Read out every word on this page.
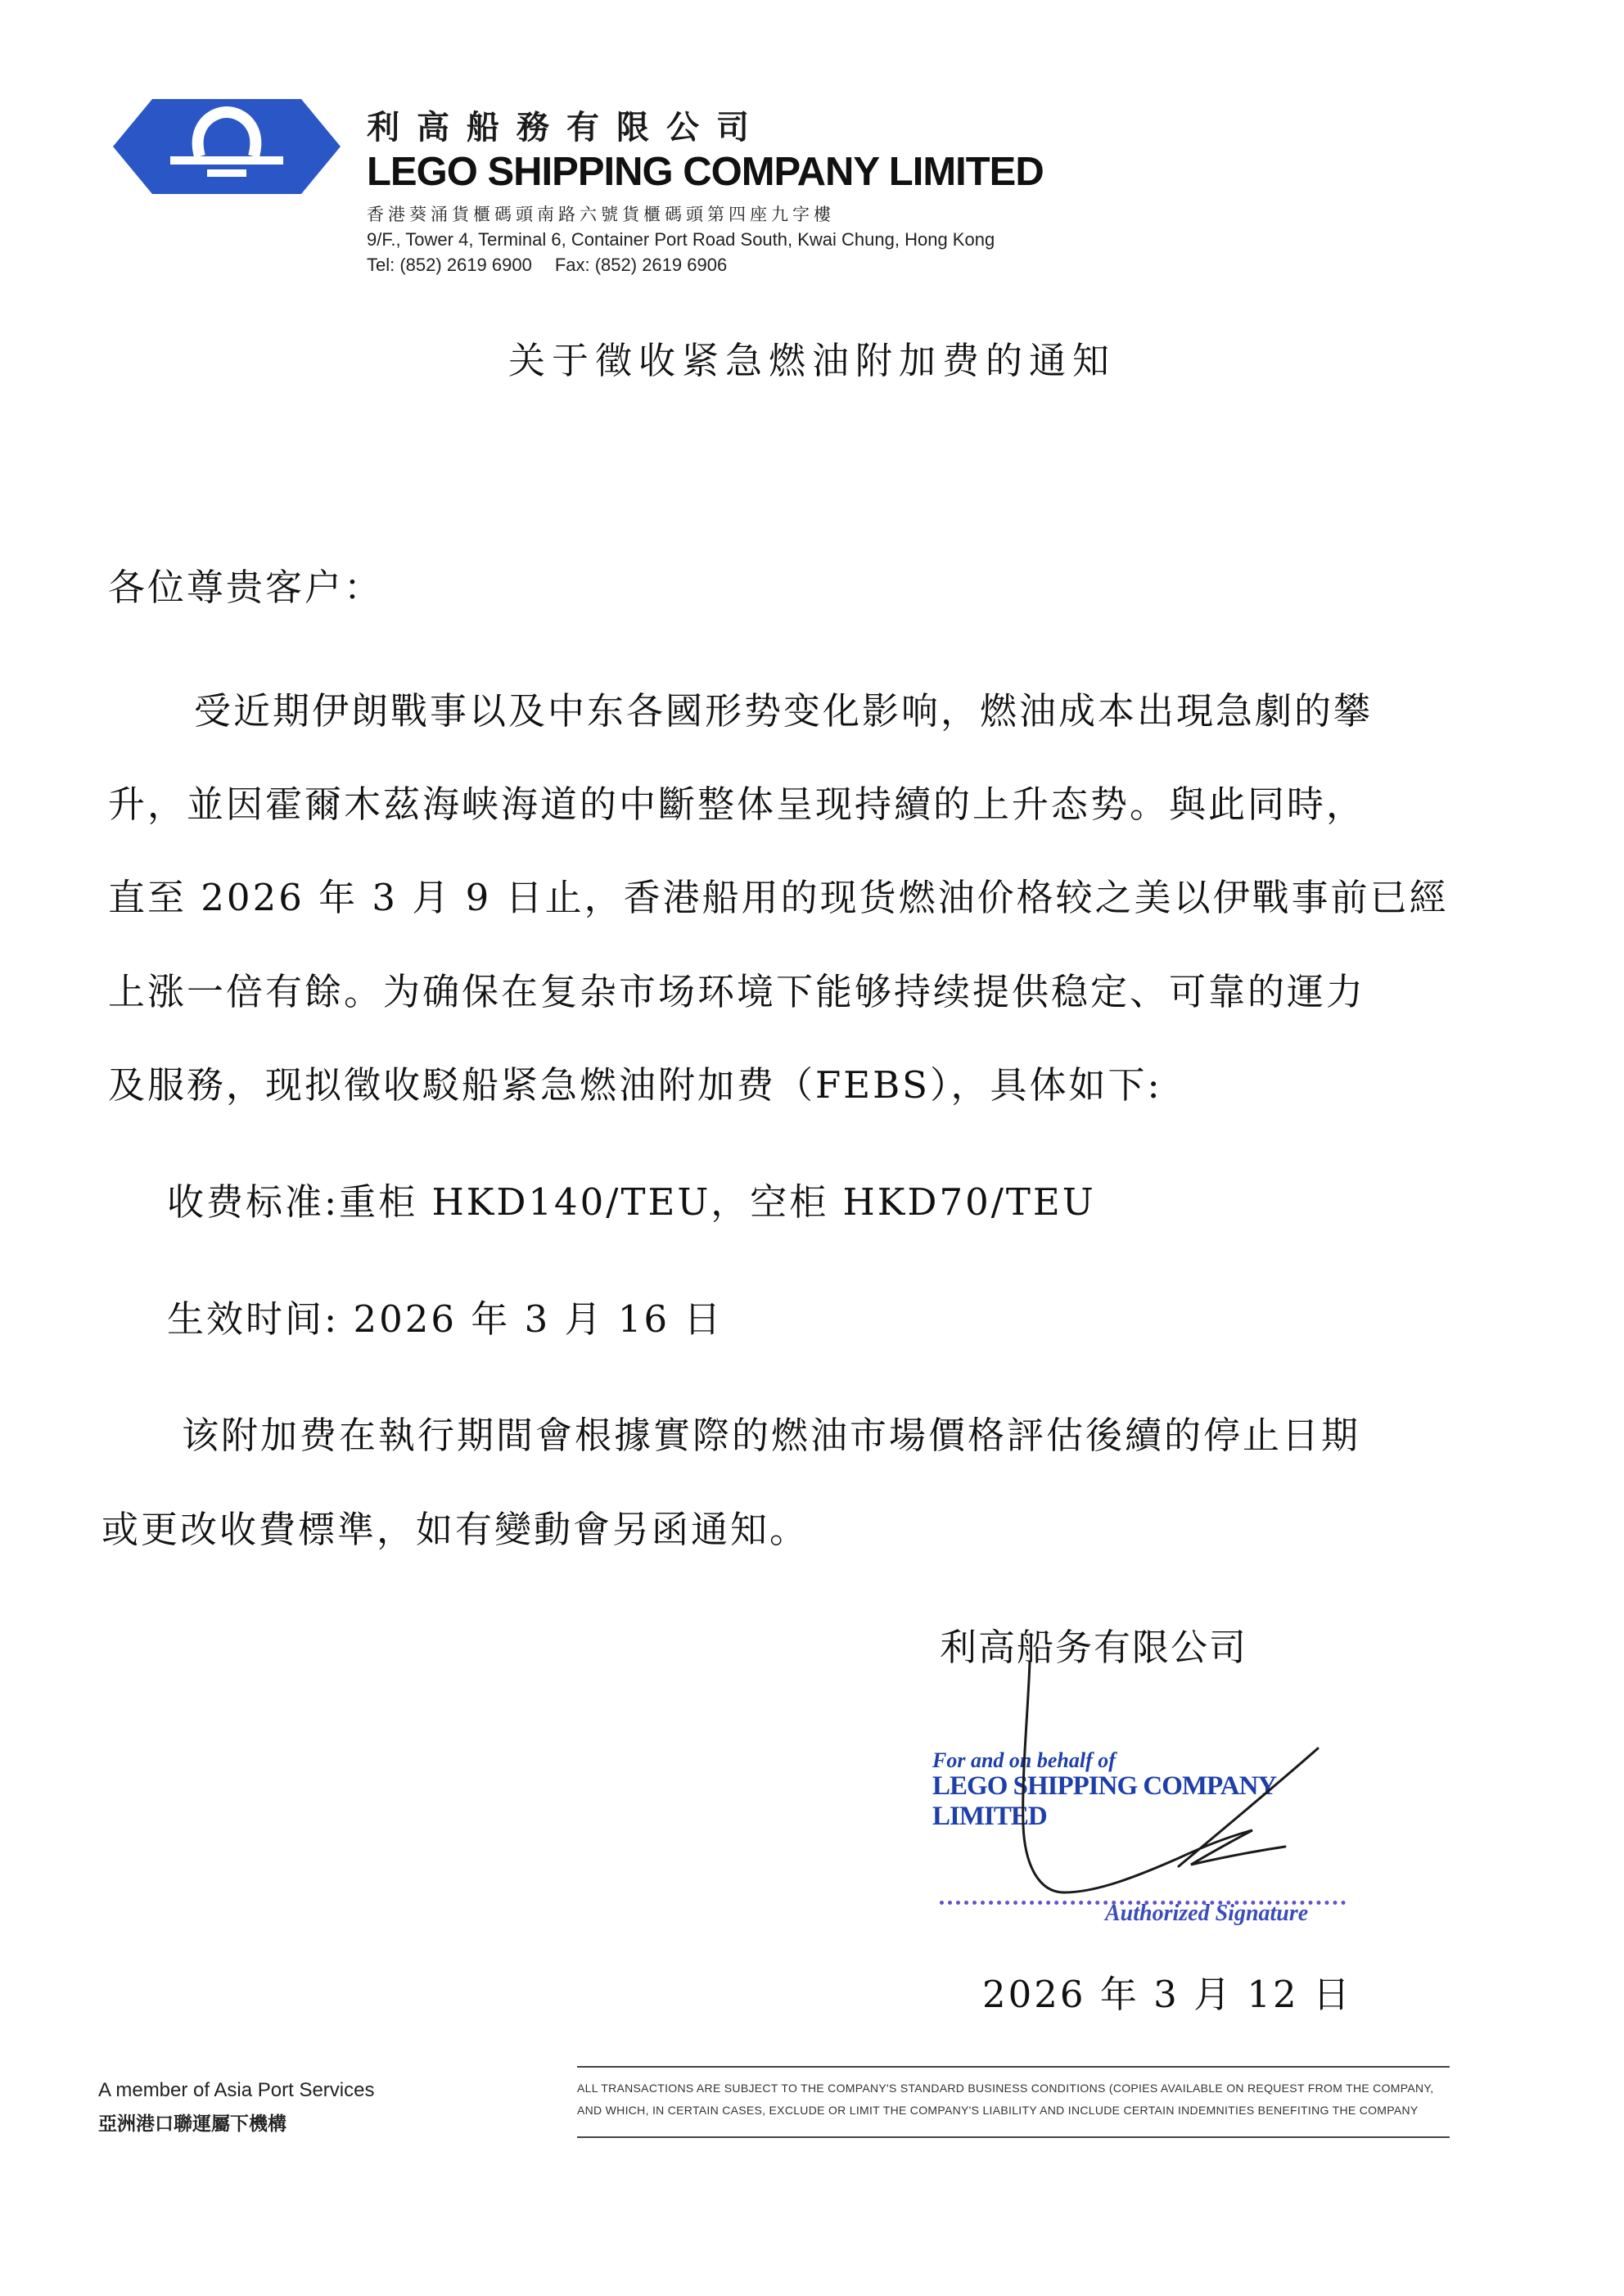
利高船務有限公司
LEGO SHIPPING COMPANY LIMITED
香港葵涌貨櫃碼頭南路六號貨櫃碼頭第四座九字樓
9/F., Tower 4, Terminal 6, Container Port Road South, Kwai Chung, Hong Kong
Tel: (852) 2619 6900 Fax: (852) 2619 6906
关于徵收紧急燃油附加费的通知
各位尊贵客户：
受近期伊朗戰事以及中东各國形势变化影响，燃油成本出現急劇的攀
升，並因霍爾木茲海峡海道的中斷整体呈现持續的上升态势。與此同時，
直至 2026 年 3 月 9 日止，香港船用的现货燃油价格较之美以伊戰事前已經
上涨一倍有餘。为确保在复杂市场环境下能够持续提供稳定、可靠的運力
及服務，现拟徵收駁船紧急燃油附加费（FEBS），具体如下:
收费标准:重柜 HKD140/TEU，空柜 HKD70/TEU
生效时间: 2026 年 3 月 16 日
该附加费在執行期間會根據實際的燃油市場價格評估後續的停止日期
或更改收費標準，如有變動會另函通知。
利高船务有限公司
For and on behalf of
LEGO SHIPPING COMPANY LIMITED
Authorized Signature
2026 年 3 月 12 日
A member of Asia Port Services
亞洲港口聯運屬下機構
ALL TRANSACTIONS ARE SUBJECT TO THE COMPANY'S STANDARD BUSINESS CONDITIONS (COPIES AVAILABLE ON REQUEST FROM THE COMPANY,
AND WHICH, IN CERTAIN CASES, EXCLUDE OR LIMIT THE COMPANY'S LIABILITY AND INCLUDE CERTAIN INDEMNITIES BENEFITING THE COMPANY
